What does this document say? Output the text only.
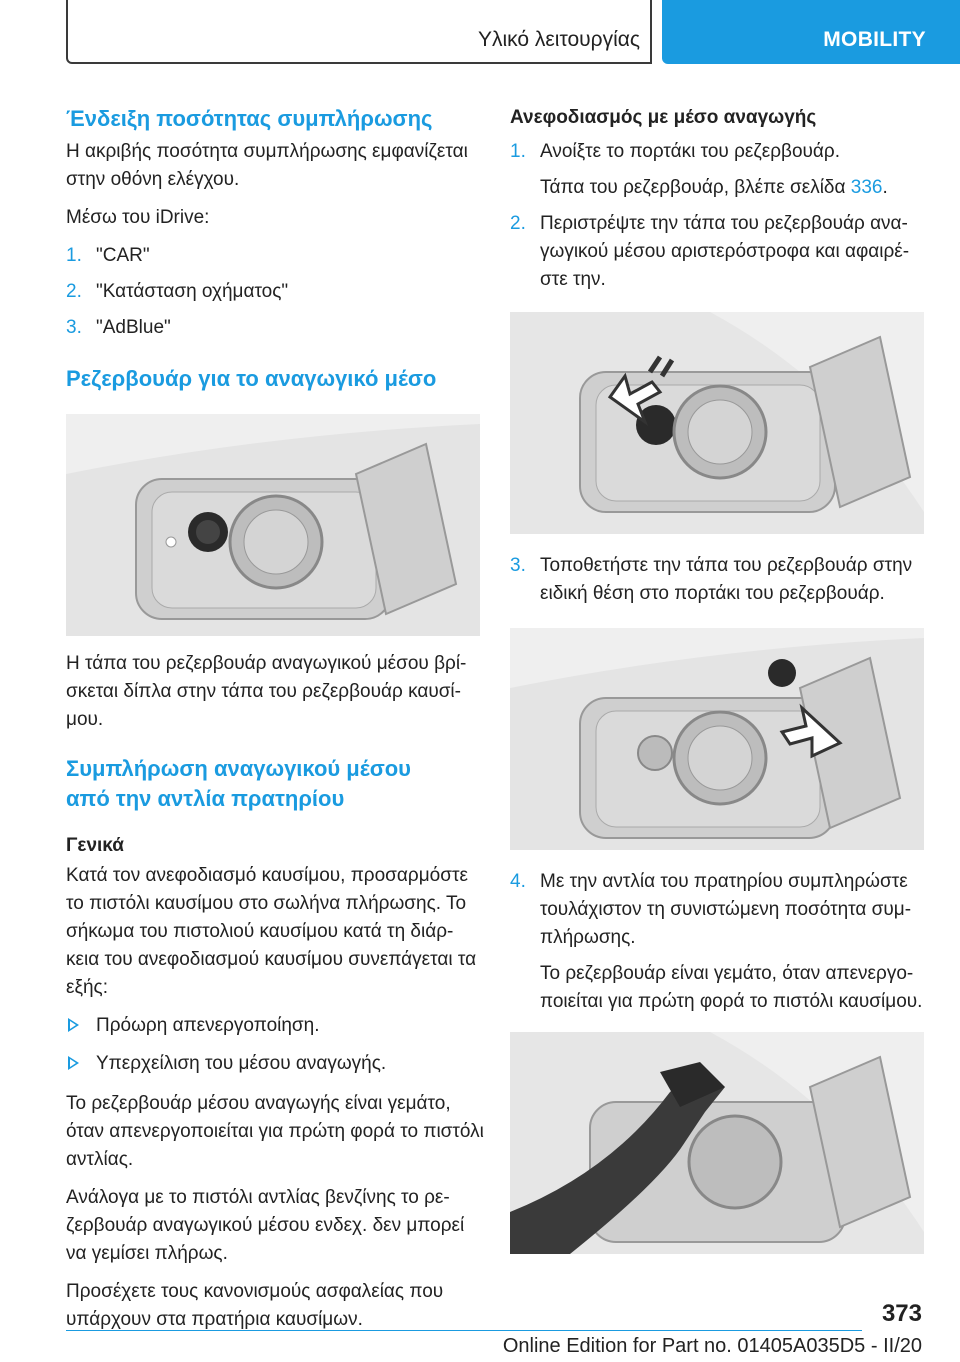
Υλικό λειτουργίας	MOBILITY
Ένδειξη ποσότητας συμπλήρωσης
Η ακριβής ποσότητα συμπλήρωσης εμφανίζεται στην οθόνη ελέγχου.
Μέσω του iDrive:
1. "CAR"
2. "Κατάσταση οχήματος"
3. "AdBlue"
Ρεζερβουάρ για το αναγωγικό μέσο
Η τάπα του ρεζερβουάρ αναγωγικού μέσου βρί- σκεται δίπλα στην τάπα του ρεζερβουάρ καυσί- μου.
Συμπλήρωση αναγωγικού μέσου
από την αντλία πρατηρίου
Γενικά
Κατά τον ανεφοδιασμό καυσίμου, προσαρμόστε το πιστόλι καυσίμου στο σωλήνα πλήρωσης. Το σήκωμα του πιστολιού καυσίμου κατά τη διάρ- κεια του ανεφοδιασμού καυσίμου συνεπάγεται τα εξής:
Πρόωρη απενεργοποίηση.
Υπερχείλιση του μέσου αναγωγής.
Το ρεζερβουάρ μέσου αναγωγής είναι γεμάτο, όταν απενεργοποιείται για πρώτη φορά το πιστόλι αντλίας.
Ανάλογα με το πιστόλι αντλίας βενζίνης το ρε- ζερβουάρ αναγωγικού μέσου ενδεχ. δεν μπορεί να γεμίσει πλήρως.
Προσέχετε τους κανονισμούς ασφαλείας που υπάρχουν στα πρατήρια καυσίμων.
Ανεφοδιασμός με μέσο αναγωγής
1. Ανοίξτε το πορτάκι του ρεζερβουάρ.
Τάπα του ρεζερβουάρ, βλέπε σελίδα 336.
2. Περιστρέψτε την τάπα του ρεζερβουάρ ανα- γωγικού μέσου αριστερόστροφα και αφαιρέ- στε την.
3. Τοποθετήστε την τάπα του ρεζερβουάρ στην ειδική θέση στο πορτάκι του ρεζερβουάρ.
4. Με την αντλία του πρατηρίου συμπληρώστε τουλάχιστον τη συνιστώμενη ποσότητα συμ- πλήρωσης.
Το ρεζερβουάρ είναι γεμάτο, όταν απενεργο- ποιείται για πρώτη φορά το πιστόλι καυσίμου.
373
Online Edition for Part no. 01405A035D5 - II/20
